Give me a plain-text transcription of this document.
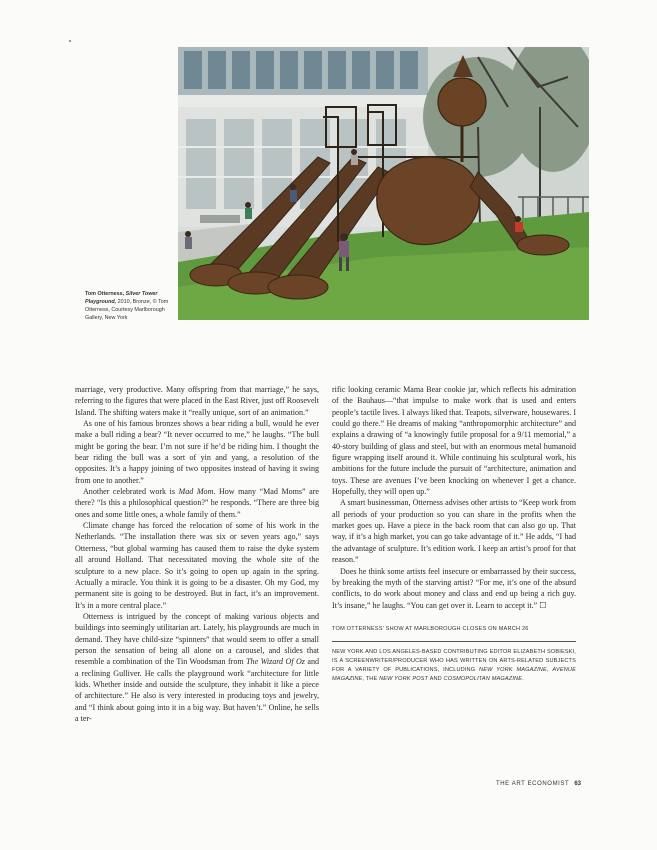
Tom Otterness, Silver Tower Playground, 2010, Bronze, © Tom Otterness, Courtesy Marlborough Gallery, New York

marriage, very productive. Many offspring from that marriage,” he says, referring to the figures that were placed in the East River, just off Roosevelt Island. The shifting waters make it “really unique, sort of an animation.”

As one of his famous bronzes shows a bear riding a bull, would he ever make a bull riding a bear? “It never occurred to me,” he laughs. “The bull might be goring the bear. I’m not sure if he’d be riding him. I thought the bear riding the bull was a sort of yin and yang, a resolution of the opposites. It’s a happy joining of two opposites instead of having it swing from one to another.”

Another celebrated work is Mad Mom. How many “Mad Moms” are there? “Is this a philosophical question?” he responds. “There are three big ones and some little ones, a whole family of them.”

Climate change has forced the relocation of some of his work in the Netherlands. “The installation there was six or seven years ago,” says Otterness, “but global warming has caused them to raise the dyke system all around Holland. That necessitated moving the whole site of the sculpture to a new place. So it’s going to open up again in the spring. Actually a miracle. You think it is going to be a disaster. Oh my God, my permanent site is going to be destroyed. But in fact, it’s an improvement. It’s in a more central place.”

Otterness is intrigued by the concept of making various objects and buildings into seemingly utilitarian art. Lately, his playgrounds are much in demand. They have child-size “spinners” that would seem to offer a small person the sensation of being all alone on a carousel, and slides that resemble a combination of the Tin Woodsman from The Wizard Of Oz and a reclining Gulliver. He calls the playground work “architecture for little kids. Whether inside and outside the sculpture, they inhabit it like a piece of architecture.” He also is very interested in producing toys and jewelry, and “I think about going into it in a big way. But haven’t.” Online, he sells a ter-

rific looking ceramic Mama Bear cookie jar, which reflects his admiration of the Bauhaus—“that impulse to make work that is used and enters people’s tactile lives. I always liked that. Teapots, silverware, housewares. I could go there.” He dreams of making “anthropomorphic architecture” and explains a drawing of “a knowingly futile proposal for a 9/11 memorial,” a 40-story building of glass and steel, but with an enormous metal humanoid figure wrapping itself around it. While continuing his sculptural work, his ambitions for the future include the pursuit of “architecture, animation and toys. These are avenues I’ve been knocking on whenever I get a chance. Hopefully, they will open up.”

A smart businessman, Otterness advises other artists to “Keep work from all periods of your production so you can share in the profits when the market goes up. Have a piece in the back room that can also go up. That way, if it’s a high market, you can go take advantage of it.” He adds, “I had the advantage of sculpture. It’s edition work. I keep an artist’s proof for that reason.”

Does he think some artists feel insecure or embarrassed by their success, by breaking the myth of the starving artist? “For me, it’s one of the absurd conflicts, to do work about money and class and end up being a rich guy. It’s insane,” he laughs. “You can get over it. Learn to accept it.” ☐

TOM OTTERNESS’ SHOW AT MARLBOROUGH CLOSES ON MARCH 26
NEW YORK AND LOS ANGELES-BASED CONTRIBUTING EDITOR ELIZABETH SOBIESKI, IS A SCREENWRITER/PRODUCER WHO HAS WRITTEN ON ARTS-RELATED SUBJECTS FOR A VARIETY OF PUBLICATIONS, INCLUDING NEW YORK MAGAZINE, AVENUE MAGAZINE, THE NEW YORK POST AND COSMOPOLITAN MAGAZINE.
THE ART ECONOMIST 63
